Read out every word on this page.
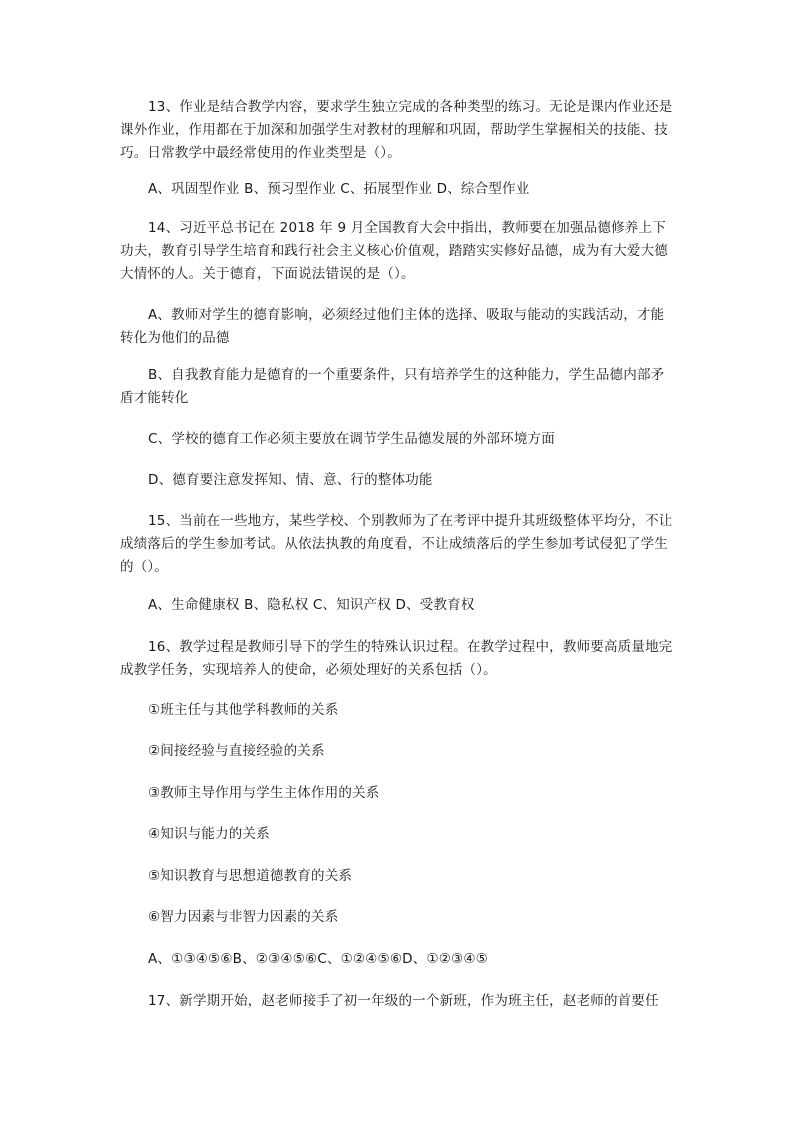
13、作业是结合教学内容，要求学生独立完成的各种类型的练习。无论是课内作业还是课外作业，作用都在于加深和加强学生对教材的理解和巩固，帮助学生掌握相关的技能、技巧。日常教学中最经常使用的作业类型是（）。

A、巩固型作业 B、预习型作业 C、拓展型作业 D、综合型作业

14、习近平总书记在 2018 年 9 月全国教育大会中指出，教师要在加强品德修养上下功夫，教育引导学生培育和践行社会主义核心价值观，踏踏实实修好品德，成为有大爱大德大情怀的人。关于德育，下面说法错误的是（）。

A、教师对学生的德育影响，必须经过他们主体的选择、吸取与能动的实践活动，才能转化为他们的品德

B、自我教育能力是德育的一个重要条件，只有培养学生的这种能力，学生品德内部矛盾才能转化

C、学校的德育工作必须主要放在调节学生品德发展的外部环境方面

D、德育要注意发挥知、情、意、行的整体功能

15、当前在一些地方，某些学校、个别教师为了在考评中提升其班级整体平均分，不让成绩落后的学生参加考试。从依法执教的角度看，不让成绩落后的学生参加考试侵犯了学生的（）。

A、生命健康权 B、隐私权 C、知识产权 D、受教育权

16、教学过程是教师引导下的学生的特殊认识过程。在教学过程中，教师要高质量地完成教学任务，实现培养人的使命，必须处理好的关系包括（）。

①班主任与其他学科教师的关系

②间接经验与直接经验的关系

③教师主导作用与学生主体作用的关系

④知识与能力的关系

⑤知识教育与思想道德教育的关系

⑥智力因素与非智力因素的关系

A、①③④⑤⑥B、②③④⑤⑥C、①②④⑤⑥D、①②③④⑤

17、新学期开始，赵老师接手了初一年级的一个新班，作为班主任，赵老师的首要任
